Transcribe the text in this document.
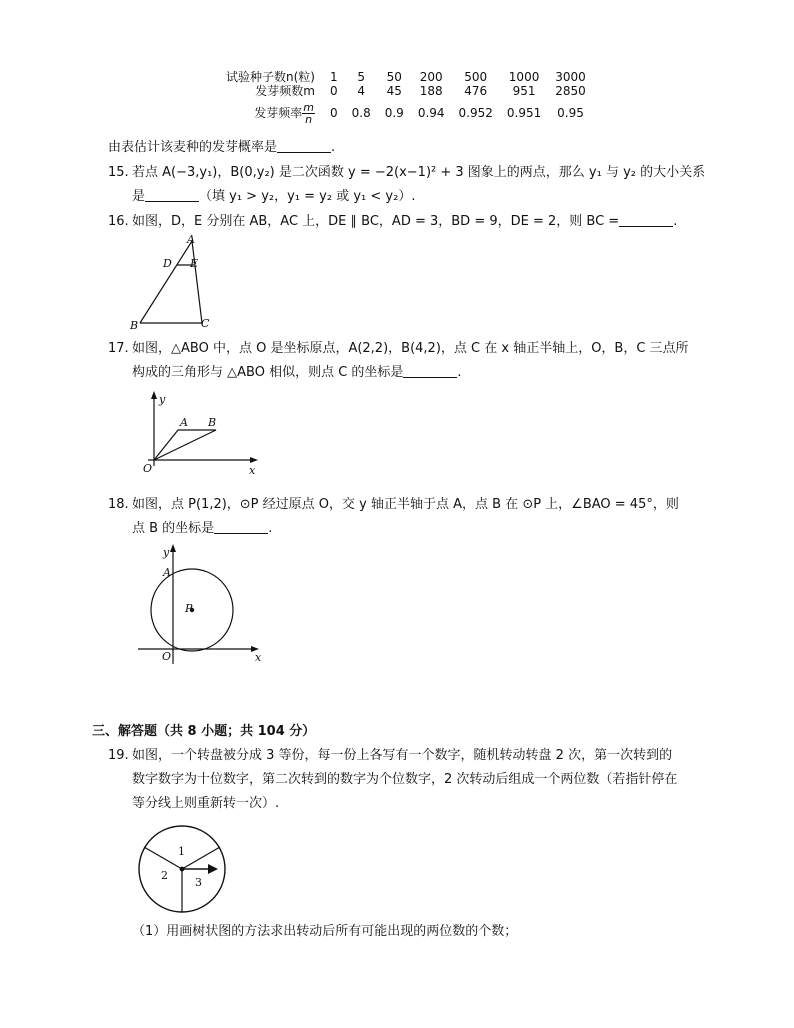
试验种子数n(粒)	1	5	50	200	500	1000	3000
发芽频数m	0	4	45	188	476	951	2850
发芽频率 $\frac{m}{n}$	0	0.8	0.9	0.94	0.952	0.951	0.95
由表估计该麦种的发芽概率是	.
15. 若点 A(−3,y₁)，B(0,y₂) 是二次函数 y = −2(x−1)² + 3 图象上的两点，那么 y₁ 与 y₂ 的大小关系
是	（填 y₁ > y₂，y₁ = y₂ 或 y₁ < y₂）.
16. 如图，D，E 分别在 AB，AC 上，DE ∥ BC，AD = 3，BD = 9，DE = 2，则 BC =	.
A
D E
B	C
17. 如图，△ABO 中，点 O 是坐标原点，A(2,2)，B(4,2)，点 C 在 x 轴正半轴上，O，B，C 三点所
构成的三角形与 △ABO 相似，则点 C 的坐标是	.
y
x
O
A B
18. 如图，点 P(1,2)，⊙P 经过原点 O，交 y 轴正半轴于点 A，点 B 在 ⊙P 上，∠BAO = 45°，则
点 B 的坐标是	.
y
x
O
A
P
三、解答题（共 8 小题；共 104 分）
19. 如图，一个转盘被分成 3 等份，每一份上各写有一个数字，随机转动转盘 2 次，第一次转到的
数字数字为十位数字，第二次转到的数字为个位数字，2 次转动后组成一个两位数（若指针停在
等分线上则重新转一次）.
1
2
3
（1）用画树状图的方法求出转动后所有可能出现的两位数的个数；
